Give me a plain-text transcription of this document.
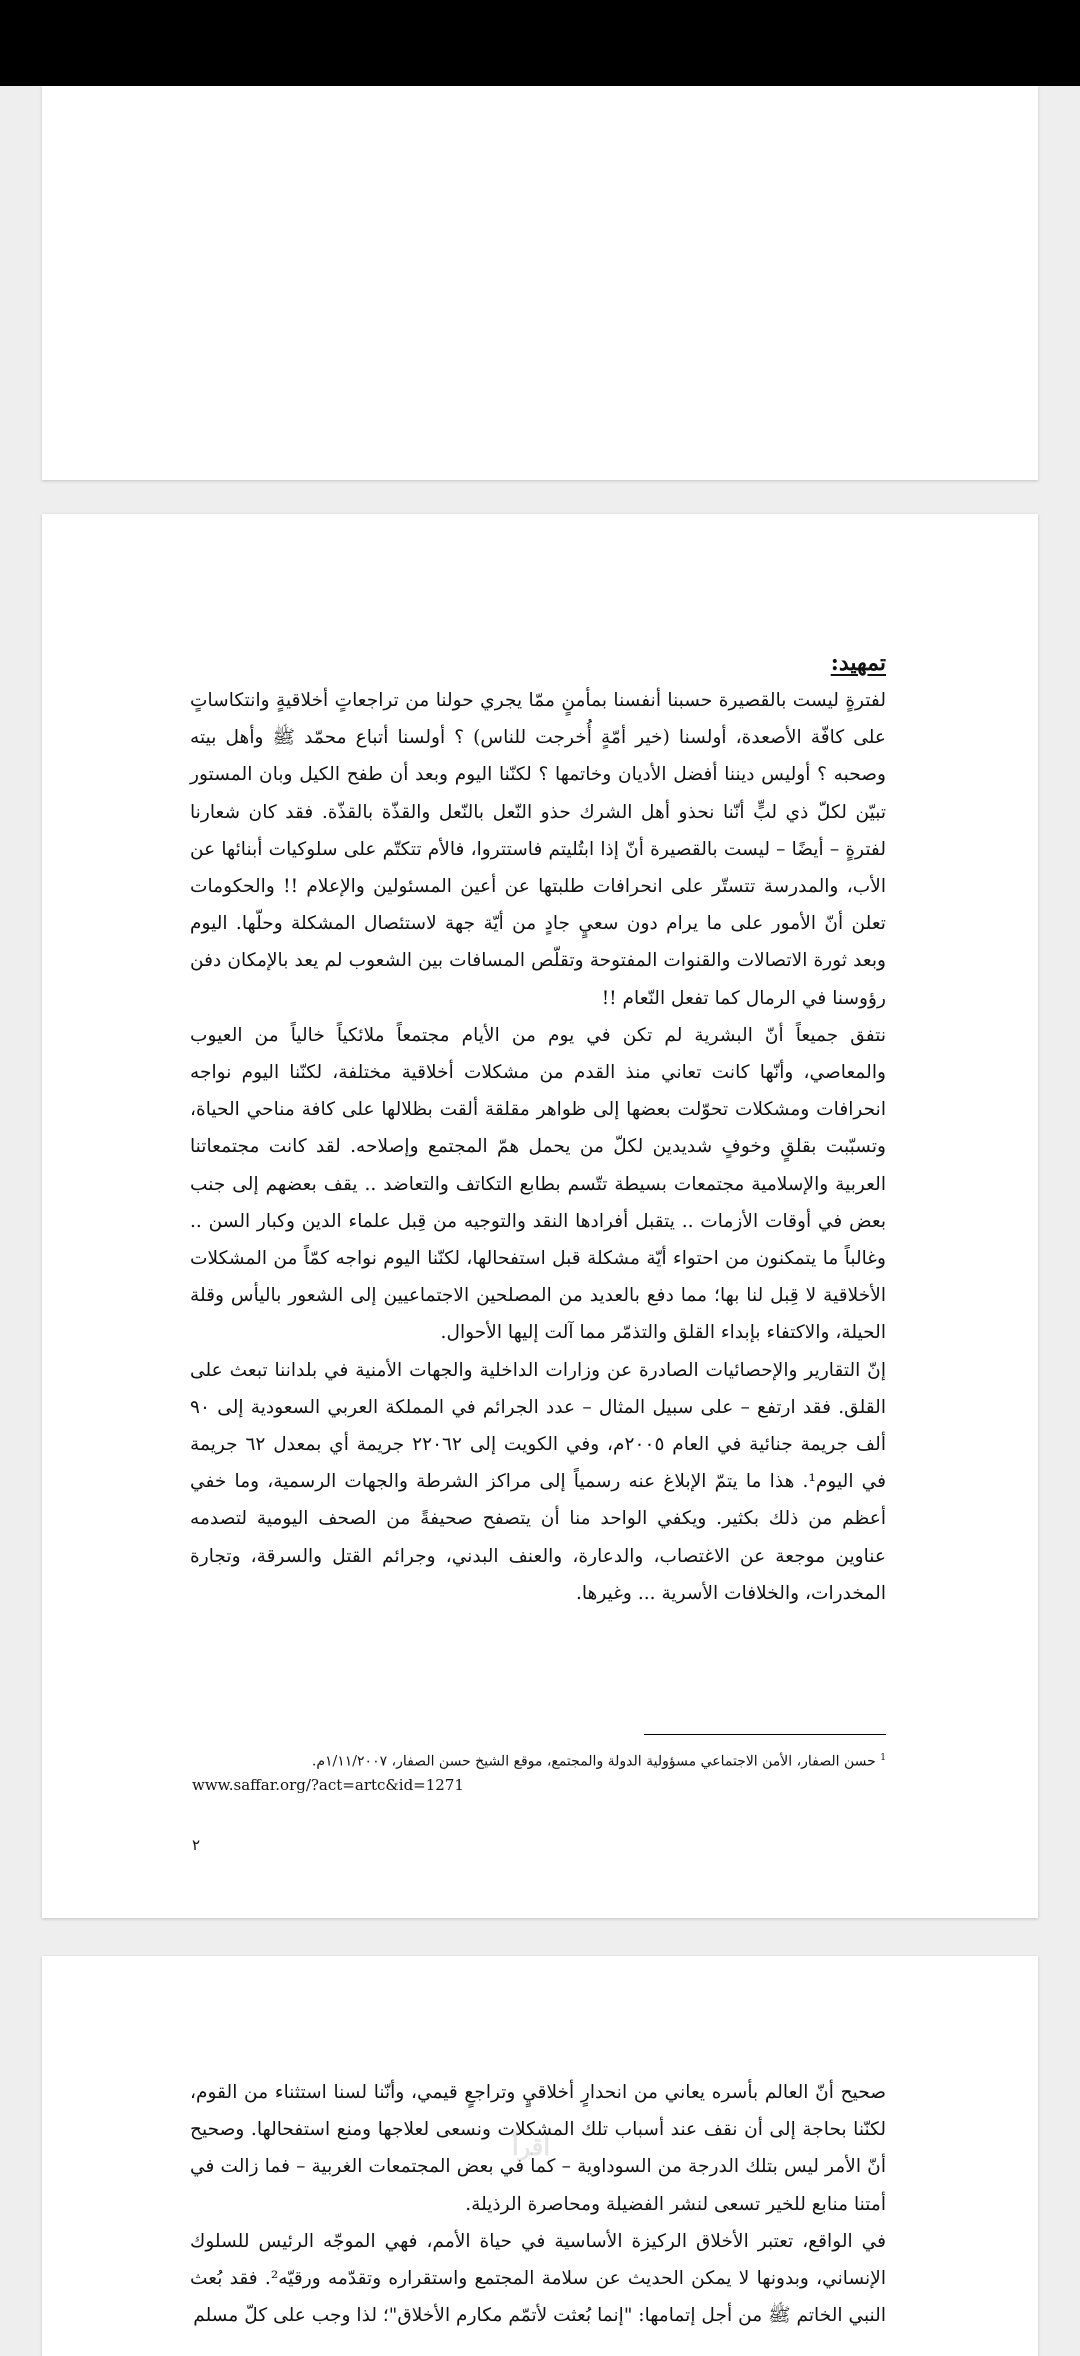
تمهيد:

لفترةٍ ليست بالقصيرة حسبنا أنفسنا بمأمنٍ ممّا يجري حولنا من تراجعاتٍ أخلاقيةٍ وانتكاساتٍ على كافّة الأصعدة، أولسنا (خير أمّةٍ أُخرجت للناس) ؟ أولسنا أتباع محمّد ﷺ وأهل بيته وصحبه ؟ أوليس ديننا أفضل الأديان وخاتمها ؟ لكنّنا اليوم وبعد أن طفح الكيل وبان المستور تبيّن لكلّ ذي لبٍّ أنّنا نحذو أهل الشرك حذو النّعل بالنّعل والقذّة بالقذّة. فقد كان شعارنا لفترةٍ – أيضًا – ليست بالقصيرة أنّ إذا ابتُليتم فاستتروا، فالأم تتكتّم على سلوكيات أبنائها عن الأب، والمدرسة تتستّر على انحرافات طلبتها عن أعين المسئولين والإعلام !! والحكومات تعلن أنّ الأمور على ما يرام دون سعيٍ جادٍ من أيّة جهة لاستئصال المشكلة وحلّها. اليوم وبعد ثورة الاتصالات والقنوات المفتوحة وتقلّص المسافات بين الشعوب لم يعد بالإمكان دفن رؤوسنا في الرمال كما تفعل النّعام !!

نتفق جميعاً أنّ البشرية لم تكن في يوم من الأيام مجتمعاً ملائكياً خالياً من العيوب والمعاصي، وأنّها كانت تعاني منذ القدم من مشكلات أخلاقية مختلفة، لكنّنا اليوم نواجه انحرافات ومشكلات تحوّلت بعضها إلى ظواهر مقلقة ألقت بظلالها على كافة مناحي الحياة، وتسبّبت بقلقٍ وخوفٍ شديدين لكلّ من يحمل همّ المجتمع وإصلاحه. لقد كانت مجتمعاتنا العربية والإسلامية مجتمعات بسيطة تتّسم بطابع التكاتف والتعاضد .. يقف بعضهم إلى جنب بعض في أوقات الأزمات .. يتقبل أفرادها النقد والتوجيه من قِبل علماء الدين وكبار السن .. وغالباً ما يتمكنون من احتواء أيّة مشكلة قبل استفحالها، لكنّنا اليوم نواجه كمّاً من المشكلات الأخلاقية لا قِبل لنا بها؛ مما دفع بالعديد من المصلحين الاجتماعيين إلى الشعور باليأس وقلة الحيلة، والاكتفاء بإبداء القلق والتذمّر مما آلت إليها الأحوال.

إنّ التقارير والإحصائيات الصادرة عن وزارات الداخلية والجهات الأمنية في بلداننا تبعث على القلق. فقد ارتفع – على سبيل المثال – عدد الجرائم في المملكة العربي السعودية إلى ٩٠ ألف جريمة جنائية في العام ٢٠٠٥م، وفي الكويت إلى ٢٢٠٦٢ جريمة أي بمعدل ٦٢ جريمة في اليوم¹. هذا ما يتمّ الإبلاغ عنه رسمياً إلى مراكز الشرطة والجهات الرسمية، وما خفي أعظم من ذلك بكثير. ويكفي الواحد منا أن يتصفح صحيفةً من الصحف اليومية لتصدمه عناوين موجعة عن الاغتصاب، والدعارة، والعنف البدني، وجرائم القتل والسرقة، وتجارة المخدرات، والخلافات الأسرية ... وغيرها.

$^1$ حسن الصفار، الأمن الاجتماعي مسؤولية الدولة والمجتمع، موقع الشيخ حسن الصفار، ١/١١/٢٠٠٧م.
www.saffar.org/?act=artc&id=1271
٢

صحيح أنّ العالم بأسره يعاني من انحدارٍ أخلاقيٍ وتراجعٍ قيمي، وأنّنا لسنا استثناء من القوم، لكنّنا بحاجة إلى أن نقف عند أسباب تلك المشكلات ونسعى لعلاجها ومنع استفحالها. وصحيح أنّ الأمر ليس بتلك الدرجة من السوداوية – كما في بعض المجتمعات الغربية – فما زالت في أمتنا منابع للخير تسعى لنشر الفضيلة ومحاصرة الرذيلة.

في الواقع، تعتبر الأخلاق الركيزة الأساسية في حياة الأمم، فهي الموجّه الرئيس للسلوك الإنساني، وبدونها لا يمكن الحديث عن سلامة المجتمع واستقراره وتقدّمه ورقيّه². فقد بُعث النبي الخاتم ﷺ من أجل إتمامها: "إنما بُعثت لأتمّم مكارم الأخلاق"؛ لذا وجب على كلّ مسلم

اقرأ
